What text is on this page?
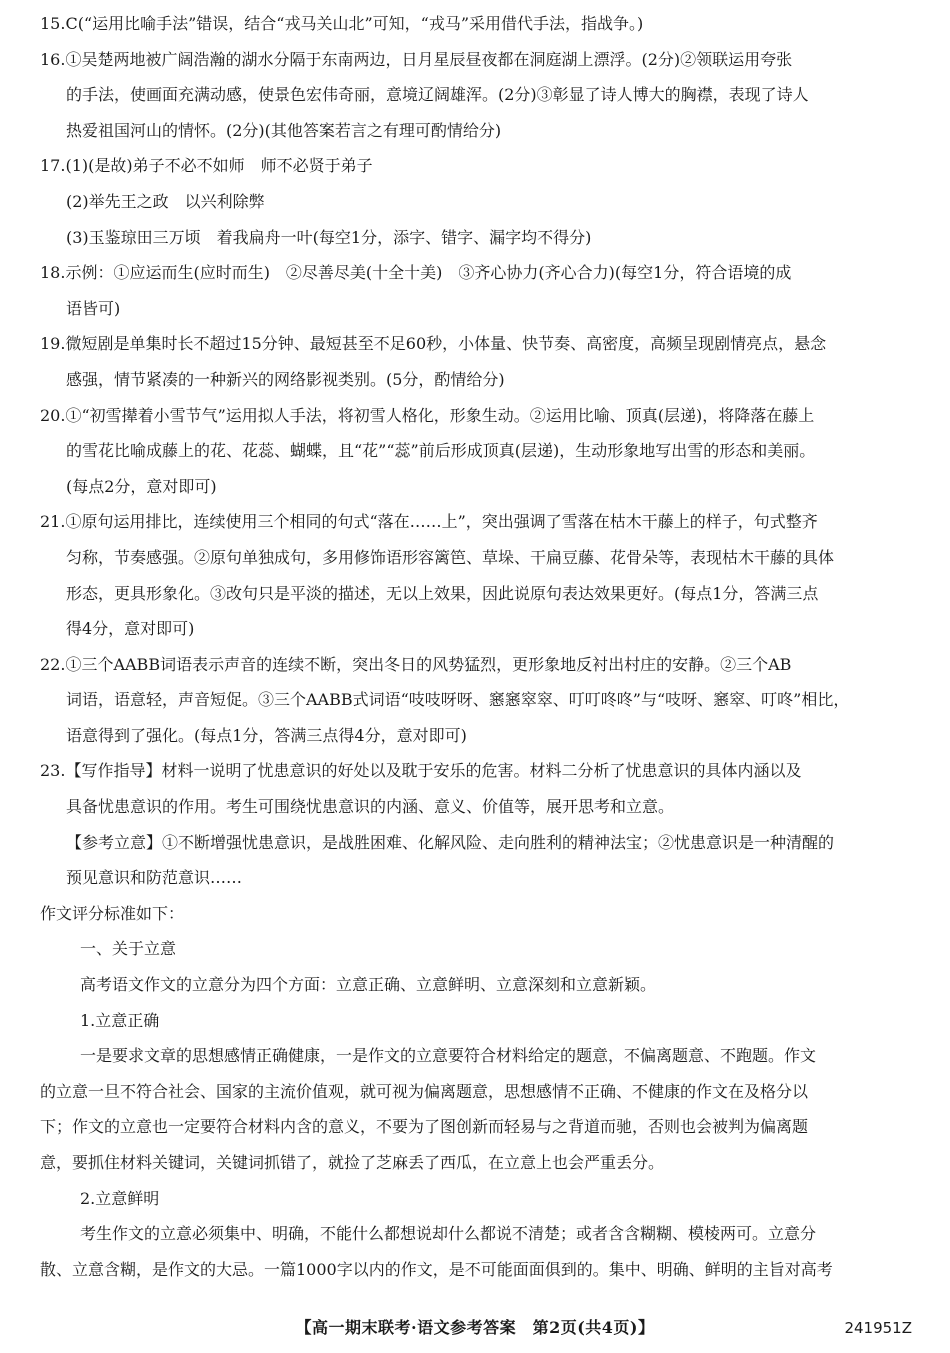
15.C(“运用比喻手法”错误，结合“戎马关山北”可知，“戎马”采用借代手法，指战争。)
16.①吴楚两地被广阔浩瀚的湖水分隔于东南两边，日月星辰昼夜都在洞庭湖上漂浮。(2分)②领联运用夸张
的手法，使画面充满动感，使景色宏伟奇丽，意境辽阔雄浑。(2分)③彰显了诗人博大的胸襟，表现了诗人
热爱祖国河山的情怀。(2分)(其他答案若言之有理可酌情给分)
17.(1)(是故)弟子不必不如师　师不必贤于弟子
(2)举先王之政　以兴利除弊
(3)玉鉴琼田三万顷　着我扁舟一叶(每空1分，添字、错字、漏字均不得分)
18.示例：①应运而生(应时而生)　②尽善尽美(十全十美)　③齐心协力(齐心合力)(每空1分，符合语境的成
语皆可)
19.微短剧是单集时长不超过15分钟、最短甚至不足60秒，小体量、快节奏、高密度，高频呈现剧情亮点，悬念
感强，情节紧凑的一种新兴的网络影视类别。(5分，酌情给分)
20.①“初雪撵着小雪节气”运用拟人手法，将初雪人格化，形象生动。②运用比喻、顶真(层递)，将降落在藤上
的雪花比喻成藤上的花、花蕊、蝴蝶，且“花”“蕊”前后形成顶真(层递)，生动形象地写出雪的形态和美丽。
(每点2分，意对即可)
21.①原句运用排比，连续使用三个相同的句式“落在……上”，突出强调了雪落在枯木干藤上的样子，句式整齐
匀称，节奏感强。②原句单独成句，多用修饰语形容篱笆、草垛、干扁豆藤、花骨朵等，表现枯木干藤的具体
形态，更具形象化。③改句只是平淡的描述，无以上效果，因此说原句表达效果更好。(每点1分，答满三点
得4分，意对即可)
22.①三个AABB词语表示声音的连续不断，突出冬日的风势猛烈，更形象地反衬出村庄的安静。②三个AB
词语，语意轻，声音短促。③三个AABB式词语“吱吱呀呀、窸窸窣窣、叮叮咚咚”与“吱呀、窸窣、叮咚”相比，
语意得到了强化。(每点1分，答满三点得4分，意对即可)
23.【写作指导】材料一说明了忧患意识的好处以及耽于安乐的危害。材料二分析了忧患意识的具体内涵以及
具备忧患意识的作用。考生可围绕忧患意识的内涵、意义、价值等，展开思考和立意。
【参考立意】①不断增强忧患意识，是战胜困难、化解风险、走向胜利的精神法宝；②忧患意识是一种清醒的
预见意识和防范意识……
作文评分标准如下：
一、关于立意
高考语文作文的立意分为四个方面：立意正确、立意鲜明、立意深刻和立意新颖。
1.立意正确
一是要求文章的思想感情正确健康，一是作文的立意要符合材料给定的题意，不偏离题意、不跑题。作文
的立意一旦不符合社会、国家的主流价值观，就可视为偏离题意，思想感情不正确、不健康的作文在及格分以
下；作文的立意也一定要符合材料内含的意义，不要为了图创新而轻易与之背道而驰，否则也会被判为偏离题
意，要抓住材料关键词，关键词抓错了，就捡了芝麻丢了西瓜，在立意上也会严重丢分。
2.立意鲜明
考生作文的立意必须集中、明确，不能什么都想说却什么都说不清楚；或者含含糊糊、模棱两可。立意分
散、立意含糊，是作文的大忌。一篇1000字以内的作文，是不可能面面俱到的。集中、明确、鲜明的主旨对高考
【高一期末联考·语文参考答案　第2页(共4页)】	241951Z
